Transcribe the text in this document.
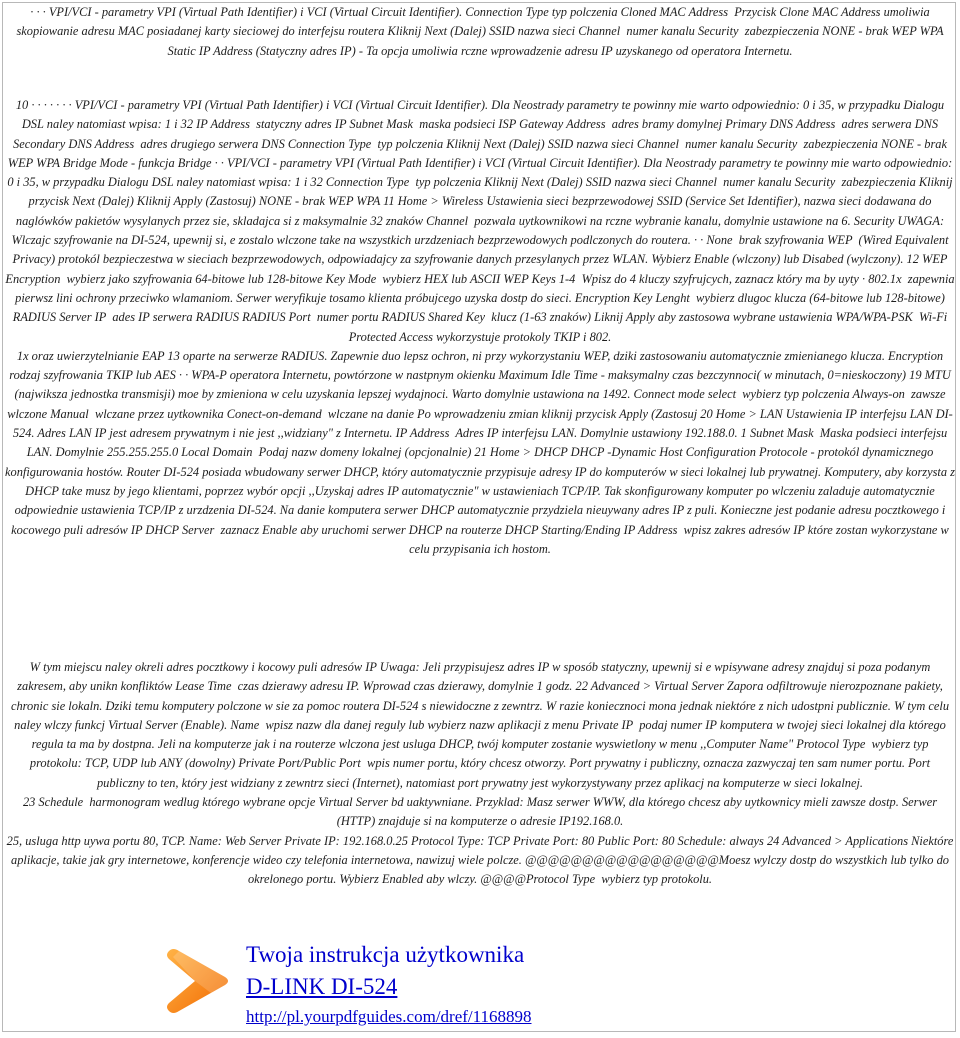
· · · VPI/VCI - parametry VPI (Virtual Path Identifier) i VCI (Virtual Circuit Identifier). Connection Type typ polczenia Cloned MAC Address  Przycisk Clone MAC Address umoliwia skopiowanie adresu MAC posiadanej karty sieciowej do interfejsu routera Kliknij Next (Dalej) SSID nazwa sieci Channel  numer kanalu Security  zabezpieczenia NONE - brak WEP WPA Static IP Address (Statyczny adres IP) - Ta opcja umoliwia rczne wprowadzenie adresu IP uzyskanego od operatora Internetu.

10 · · · · · · · VPI/VCI - parametry VPI (Virtual Path Identifier) i VCI (Virtual Circuit Identifier). Dla Neostrady parametry te powinny mie warto odpowiednio: 0 i 35, w przypadku Dialogu DSL naley natomiast wpisa: 1 i 32 IP Address  statyczny adres IP Subnet Mask  maska podsieci ISP Gateway Address  adres bramy domylnej Primary DNS Address  adres serwera DNS Secondary DNS Address  adres drugiego serwera DNS Connection Type  typ polczenia Kliknij Next (Dalej) SSID nazwa sieci Channel  numer kanalu Security  zabezpieczenia NONE - brak WEP WPA Bridge Mode - funkcja Bridge · · VPI/VCI - parametry VPI (Virtual Path Identifier) i VCI (Virtual Circuit Identifier). Dla Neostrady parametry te powinny mie warto odpowiednio: 0 i 35, w przypadku Dialogu DSL naley natomiast wpisa: 1 i 32 Connection Type  typ polczenia Kliknij Next (Dalej) SSID nazwa sieci Channel  numer kanalu Security  zabezpieczenia Kliknij przycisk Next (Dalej) Kliknij Apply (Zastosuj) NONE - brak WEP WPA 11 Home > Wireless Ustawienia sieci bezprzewodowej SSID (Service Set Identifier), nazwa sieci dodawana do naglówków pakietów wysylanych przez sie, skladajca si z maksymalnie 32 znaków Channel  pozwala uytkownikowi na rczne wybranie kanalu, domylnie ustawione na 6. Security UWAGA: Wlczajc szyfrowanie na DI-524, upewnij si, e zostalo wlczone take na wszystkich urzdzeniach bezprzewodowych podlczonych do routera. · · None  brak szyfrowania WEP  (Wired Equivalent Privacy) protokól bezpieczestwa w sieciach bezprzewodowych, odpowiadajcy za szyfrowanie danych przesylanych przez WLAN. Wybierz Enable (wlczony) lub Disabed (wylczony). 12 WEP Encryption  wybierz jako szyfrowania 64-bitowe lub 128-bitowe Key Mode  wybierz HEX lub ASCII WEP Keys 1-4  Wpisz do 4 kluczy szyfrujcych, zaznacz który ma by uyty · 802.1x  zapewnia pierwsz lini ochrony przeciwko wlamaniom. Serwer weryfikuje tosamo klienta próbujcego uzyska dostp do sieci. Encryption Key Lenght  wybierz dlugoc klucza (64-bitowe lub 128-bitowe) RADIUS Server IP  ades IP serwera RADIUS RADIUS Port  numer portu RADIUS Shared Key  klucz (1-63 znaków) Liknij Apply aby zastosowa wybrane ustawienia WPA/WPA-PSK  Wi-Fi Protected Access wykorzystuje protokoly TKIP i 802.
1x oraz uwierzytelnianie EAP 13 oparte na serwerze RADIUS. Zapewnie duo lepsz ochron, ni przy wykorzystaniu WEP, dziki zastosowaniu automatycznie zmienianego klucza. Encryption  rodzaj szyfrowania TKIP lub AES · · WPA-P operatora Internetu, powtórzone w nastpnym okienku Maximum Idle Time - maksymalny czas bezczynnoci( w minutach, 0=nieskoczony) 19 MTU (najwiksza jednostka transmisji) moe by zmieniona w celu uzyskania lepszej wydajnoci. Warto domylnie ustawiona na 1492. Connect mode select  wybierz typ polczenia Always-on  zawsze wlczone Manual  wlczane przez uytkownika Conect-on-demand  wlczane na danie Po wprowadzeniu zmian kliknij przycisk Apply (Zastosuj 20 Home > LAN Ustawienia IP interfejsu LAN DI-524. Adres LAN IP jest adresem prywatnym i nie jest ,,widziany" z Internetu. IP Address  Adres IP interfejsu LAN. Domylnie ustawiony 192.188.0. 1 Subnet Mask  Maska podsieci interfejsu LAN. Domylnie 255.255.255.0 Local Domain  Podaj nazw domeny lokalnej (opcjonalnie) 21 Home > DHCP DHCP -Dynamic Host Configuration Protocole - protokól dynamicznego konfigurowania hostów. Router DI-524 posiada wbudowany serwer DHCP, który automatycznie przypisuje adresy IP do komputerów w sieci lokalnej lub prywatnej. Komputery, aby korzysta z DHCP take musz by jego klientami, poprzez wybór opcji ,,Uzyskaj adres IP automatycznie" w ustawieniach TCP/IP. Tak skonfigurowany komputer po wlczeniu zaladuje automatycznie odpowiednie ustawienia TCP/IP z urzdzenia DI-524. Na danie komputera serwer DHCP automatycznie przydziela nieuywany adres IP z puli. Konieczne jest podanie adresu pocztkowego i kocowego puli adresów IP DHCP Server  zaznacz Enable aby uruchomi serwer DHCP na routerze DHCP Starting/Ending IP Address  wpisz zakres adresów IP które zostan wykorzystane w celu przypisania ich hostom.

W tym miejscu naley okreli adres pocztkowy i kocowy puli adresów IP Uwaga: Jeli przypisujesz adres IP w sposób statyczny, upewnij si e wpisywane adresy znajduj si poza podanym zakresem, aby unikn konfliktów Lease Time  czas dzierawy adresu IP. Wprowad czas dzierawy, domylnie 1 godz. 22 Advanced > Virtual Server Zapora odfiltrowuje nierozpoznane pakiety, chronic sie lokaln. Dziki temu komputery polczone w sie za pomoc routera DI-524 s niewidoczne z zewntrz. W razie koniecznoci mona jednak niektóre z nich udostpni publicznie. W tym celu naley wlczy funkcj Virtual Server (Enable). Name  wpisz nazw dla danej reguly lub wybierz nazw aplikacji z menu Private IP  podaj numer IP komputera w twojej sieci lokalnej dla którego regula ta ma by dostpna. Jeli na komputerze jak i na routerze wlczona jest usluga DHCP, twój komputer zostanie wyswietlony w menu ,,Computer Name" Protocol Type  wybierz typ protokolu: TCP, UDP lub ANY (dowolny) Private Port/Public Port  wpis numer portu, który chcesz otworzy. Port prywatny i publiczny, oznacza zazwyczaj ten sam numer portu. Port publiczny to ten, który jest widziany z zewntrz sieci (Internet), natomiast port prywatny jest wykorzystywany przez aplikacj na komputerze w sieci lokalnej.
23 Schedule  harmonogram wedlug którego wybrane opcje Virtual Server bd uaktywniane. Przyklad: Masz serwer WWW, dla którego chcesz aby uytkownicy mieli zawsze dostp. Serwer (HTTP) znajduje si na komputerze o adresie IP192.168.0.
25, usluga http uywa portu 80, TCP. Name: Web Server Private IP: 192.168.0.25 Protocol Type: TCP Private Port: 80 Public Port: 80 Schedule: always 24 Advanced > Applications Niektóre aplikacje, takie jak gry internetowe, konferencje wideo czy telefonia internetowa, nawizuj wiele polcze. @@@@@@@@@@@@@@@@@Moesz wylczy dostp do wszystkich lub tylko do okrelonego portu. Wybierz Enabled aby wlczy. @@@@Protocol Type  wybierz typ protokolu.

Twoja instrukcja użytkownika
D-LINK DI-524
http://pl.yourpdfguides.com/dref/1168898
